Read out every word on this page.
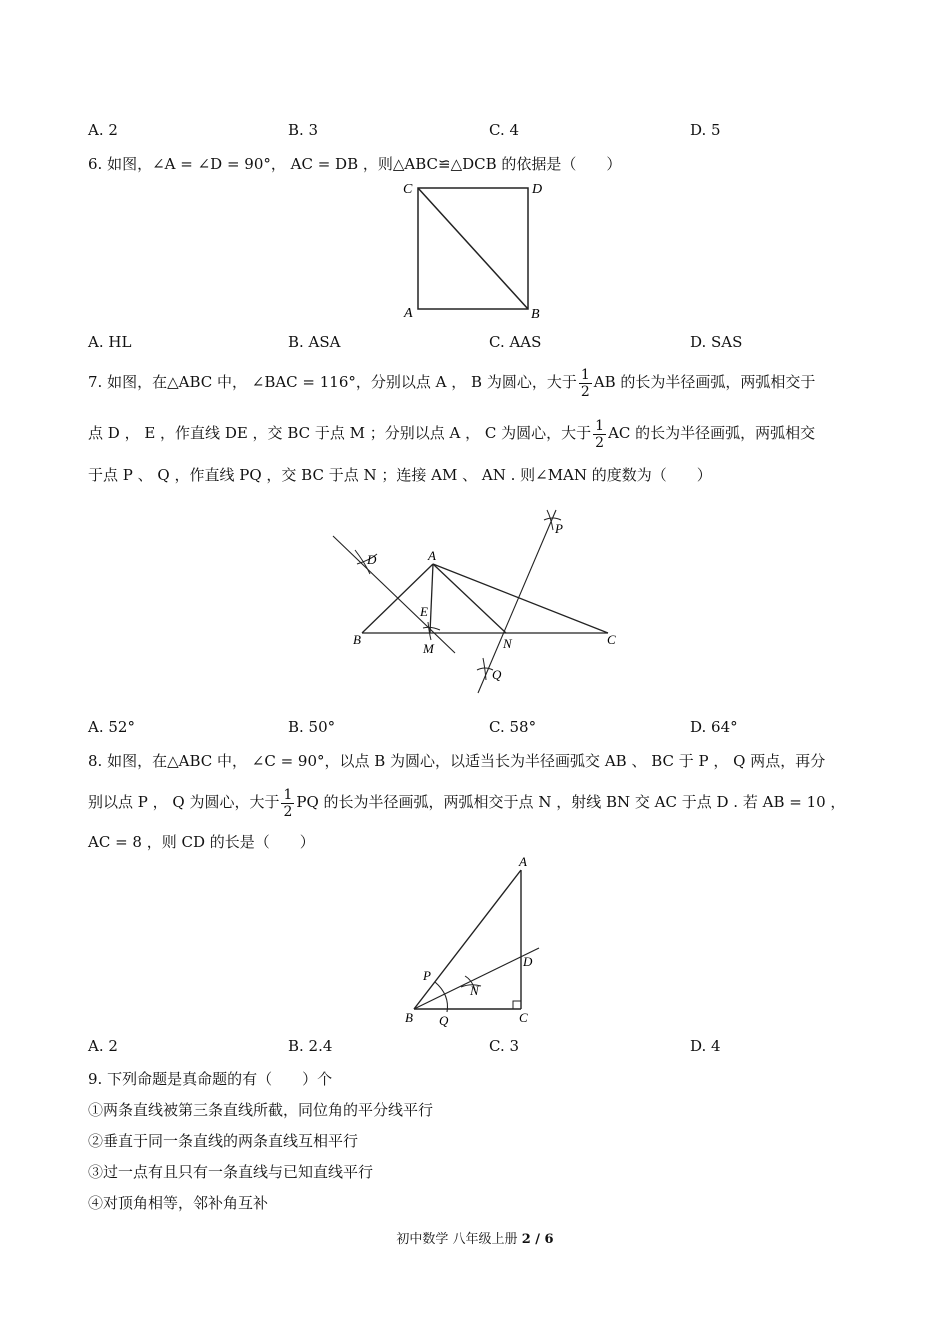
A. 2	B. 3	C. 4	D. 5
6. 如图，∠A = ∠D = 90°， AC = DB ，则△ABC≌△DCB 的依据是（　　）
C	D
A	B
A. HL	B. ASA	C. AAS	D. SAS
7. 如图，在△ABC 中， ∠BAC = 116°，分别以点 A ， B 为圆心，大于 $\frac{1}{2}$ AB 的长为半径画弧，两弧相交于
点 D ， E ，作直线 DE ，交 BC 于点 M ；分别以点 A ， C 为圆心，大于 $\frac{1}{2}$ AC 的长为半径画弧，两弧相交
于点 P 、 Q ，作直线 PQ ，交 BC 于点 N ；连接 AM 、 AN . 则∠MAN 的度数为（　　）
A
B	C
D
E
M	N
P
Q
A. 52°	B. 50°	C. 58°	D. 64°
8. 如图，在△ABC 中， ∠C = 90°，以点 B 为圆心，以适当长为半径画弧交 AB 、 BC 于 P ， Q 两点，再分
别以点 P ， Q 为圆心，大于 $\frac{1}{2}$ PQ 的长为半径画弧，两弧相交于点 N ，射线 BN 交 AC 于点 D . 若 AB = 10 ，
AC = 8 ，则 CD 的长是（　　）
A
B	C
D
N
P
Q
A. 2	B. 2.4	C. 3	D. 4
9. 下列命题是真命题的有（　　）个
①两条直线被第三条直线所截，同位角的平分线平行
②垂直于同一条直线的两条直线互相平行
③过一点有且只有一条直线与已知直线平行
④对顶角相等，邻补角互补
初中数学 八年级上册 2 / 6
